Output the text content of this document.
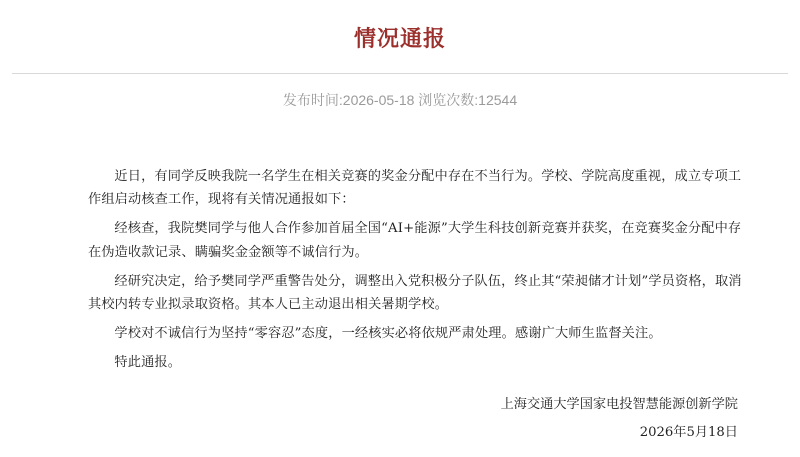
情况通报
发布时间:2026-05-18 浏览次数:12544

近日，有同学反映我院一名学生在相关竞赛的奖金分配中存在不当行为。学校、学院高度重视，成立专项工作组启动核查工作，现将有关情况通报如下：

经核查，我院樊同学与他人合作参加首届全国“AI+能源”大学生科技创新竞赛并获奖，在竞赛奖金分配中存在伪造收款记录、瞒骗奖金金额等不诚信行为。

经研究决定，给予樊同学严重警告处分，调整出入党积极分子队伍，终止其“荣昶储才计划”学员资格，取消其校内转专业拟录取资格。其本人已主动退出相关暑期学校。

学校对不诚信行为坚持“零容忍”态度，一经核实必将依规严肃处理。感谢广大师生监督关注。

特此通报。

上海交通大学国家电投智慧能源创新学院
2026年5月18日
